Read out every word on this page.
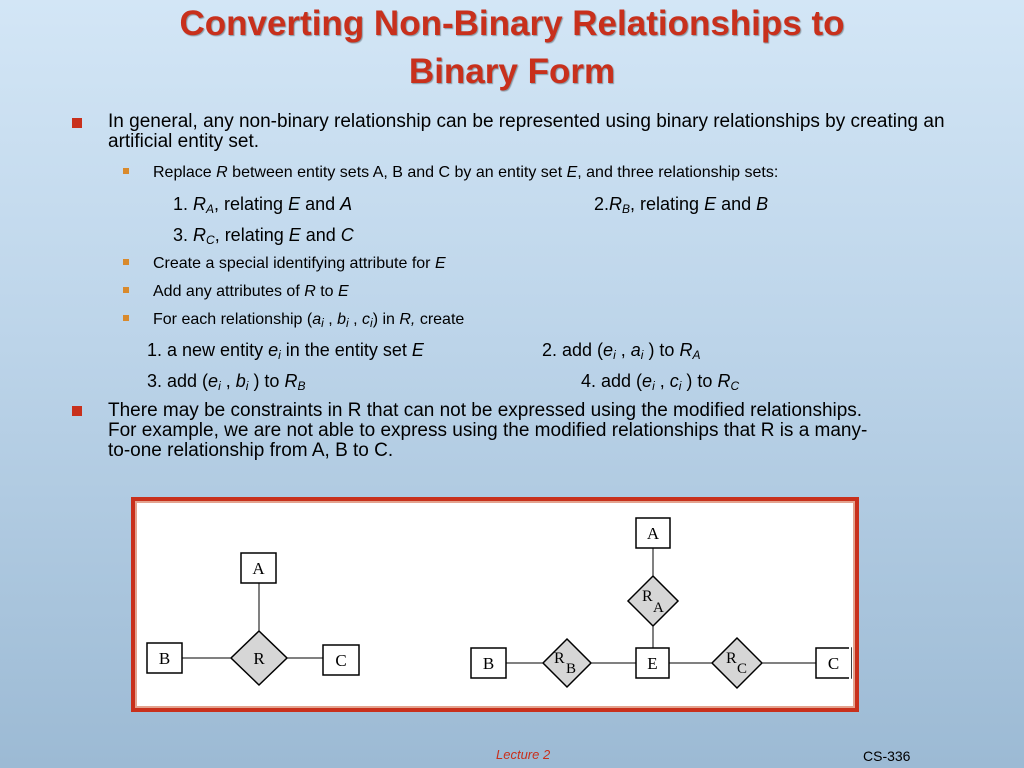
Converting Non-Binary Relationships to
Binary Form
In general, any non-binary relationship can be represented using binary relationships by creating an artificial entity set.
Replace R between entity sets A, B and C by an entity set E, and three relationship sets:
1. $R_A$, relating E and A	$2.R_B$, relating E and B
3. $R_C$, relating E and C
Create a special identifying attribute for E
Add any attributes of R to E
For each relationship ($a_i$ , $b_i$ , $c_i$) in R, create
1. a new entity $e_i$ in the entity set E	2. add ($e_i$ , $a_i$ ) to $R_A$
3. add ($e_i$ , $b_i$ ) to $R_B$	4. add ($e_i$ , $c_i$ ) to $R_C$
There may be constraints in R that can not be expressed using the modified relationships. For example, we are not able to express using the modified relationships that R is a many-to-one relationship from A, B to C.
A
B	C
R
A
R
A
B	R
B	E	R
C	C
Lecture 2	CS-336
